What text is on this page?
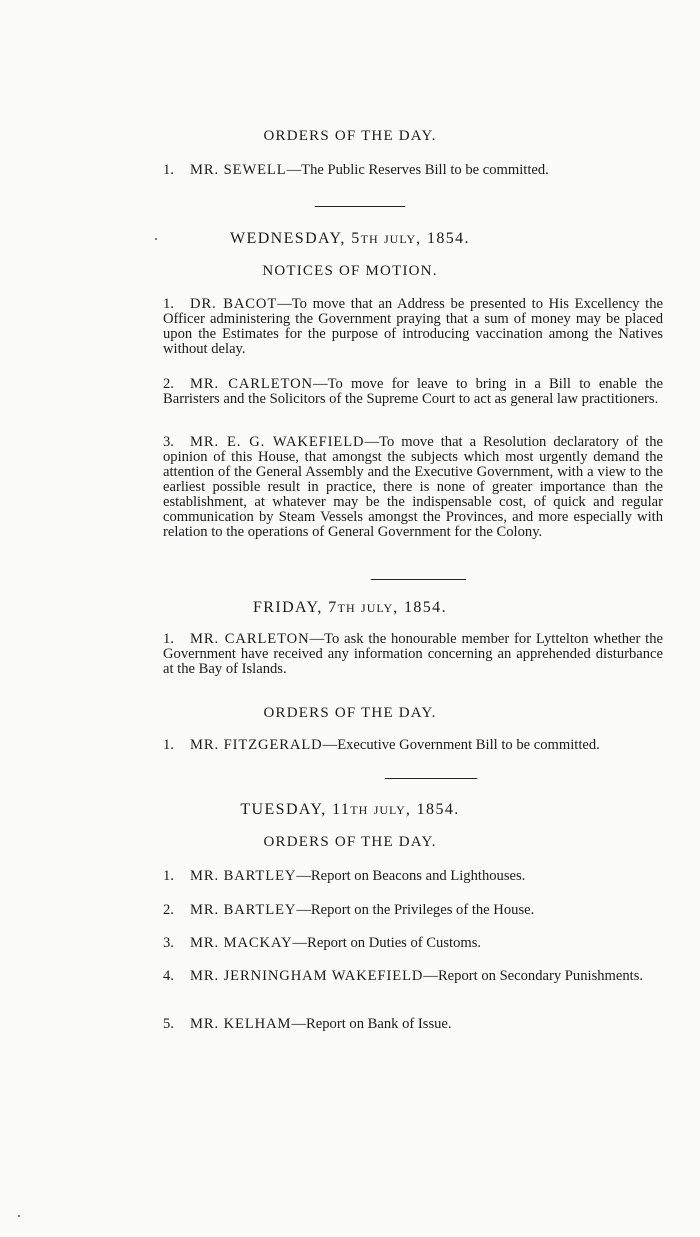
ORDERS OF THE DAY.
1. MR. SEWELL—The Public Reserves Bill to be committed.
WEDNESDAY, 5TH JULY, 1854.
NOTICES OF MOTION.
1. DR. BACOT—To move that an Address be presented to His Excellency the Officer administering the Government praying that a sum of money may be placed upon the Estimates for the purpose of introducing vaccination among the Natives without delay.
2. MR. CARLETON—To move for leave to bring in a Bill to enable the Barristers and the Solicitors of the Supreme Court to act as general law practitioners.
3. MR. E. G. WAKEFIELD—To move that a Resolution declaratory of the opinion of this House, that amongst the subjects which most urgently demand the attention of the General Assembly and the Executive Government, with a view to the earliest possible result in practice, there is none of greater importance than the establishment, at whatever may be the indispensable cost, of quick and regular communication by Steam Vessels amongst the Provinces, and more especially with relation to the operations of General Government for the Colony.
FRIDAY, 7TH JULY, 1854.
1. MR. CARLETON—To ask the honourable member for Lyttelton whether the Government have received any information concerning an apprehended disturbance at the Bay of Islands.
ORDERS OF THE DAY.
1. MR. FITZGERALD—Executive Government Bill to be committed.
TUESDAY, 11TH JULY, 1854.
ORDERS OF THE DAY.
1. MR. BARTLEY—Report on Beacons and Lighthouses.
2. MR. BARTLEY—Report on the Privileges of the House.
3. MR. MACKAY—Report on Duties of Customs.
4. MR. JERNINGHAM WAKEFIELD—Report on Secondary Punishments.
5. MR. KELHAM—Report on Bank of Issue.
